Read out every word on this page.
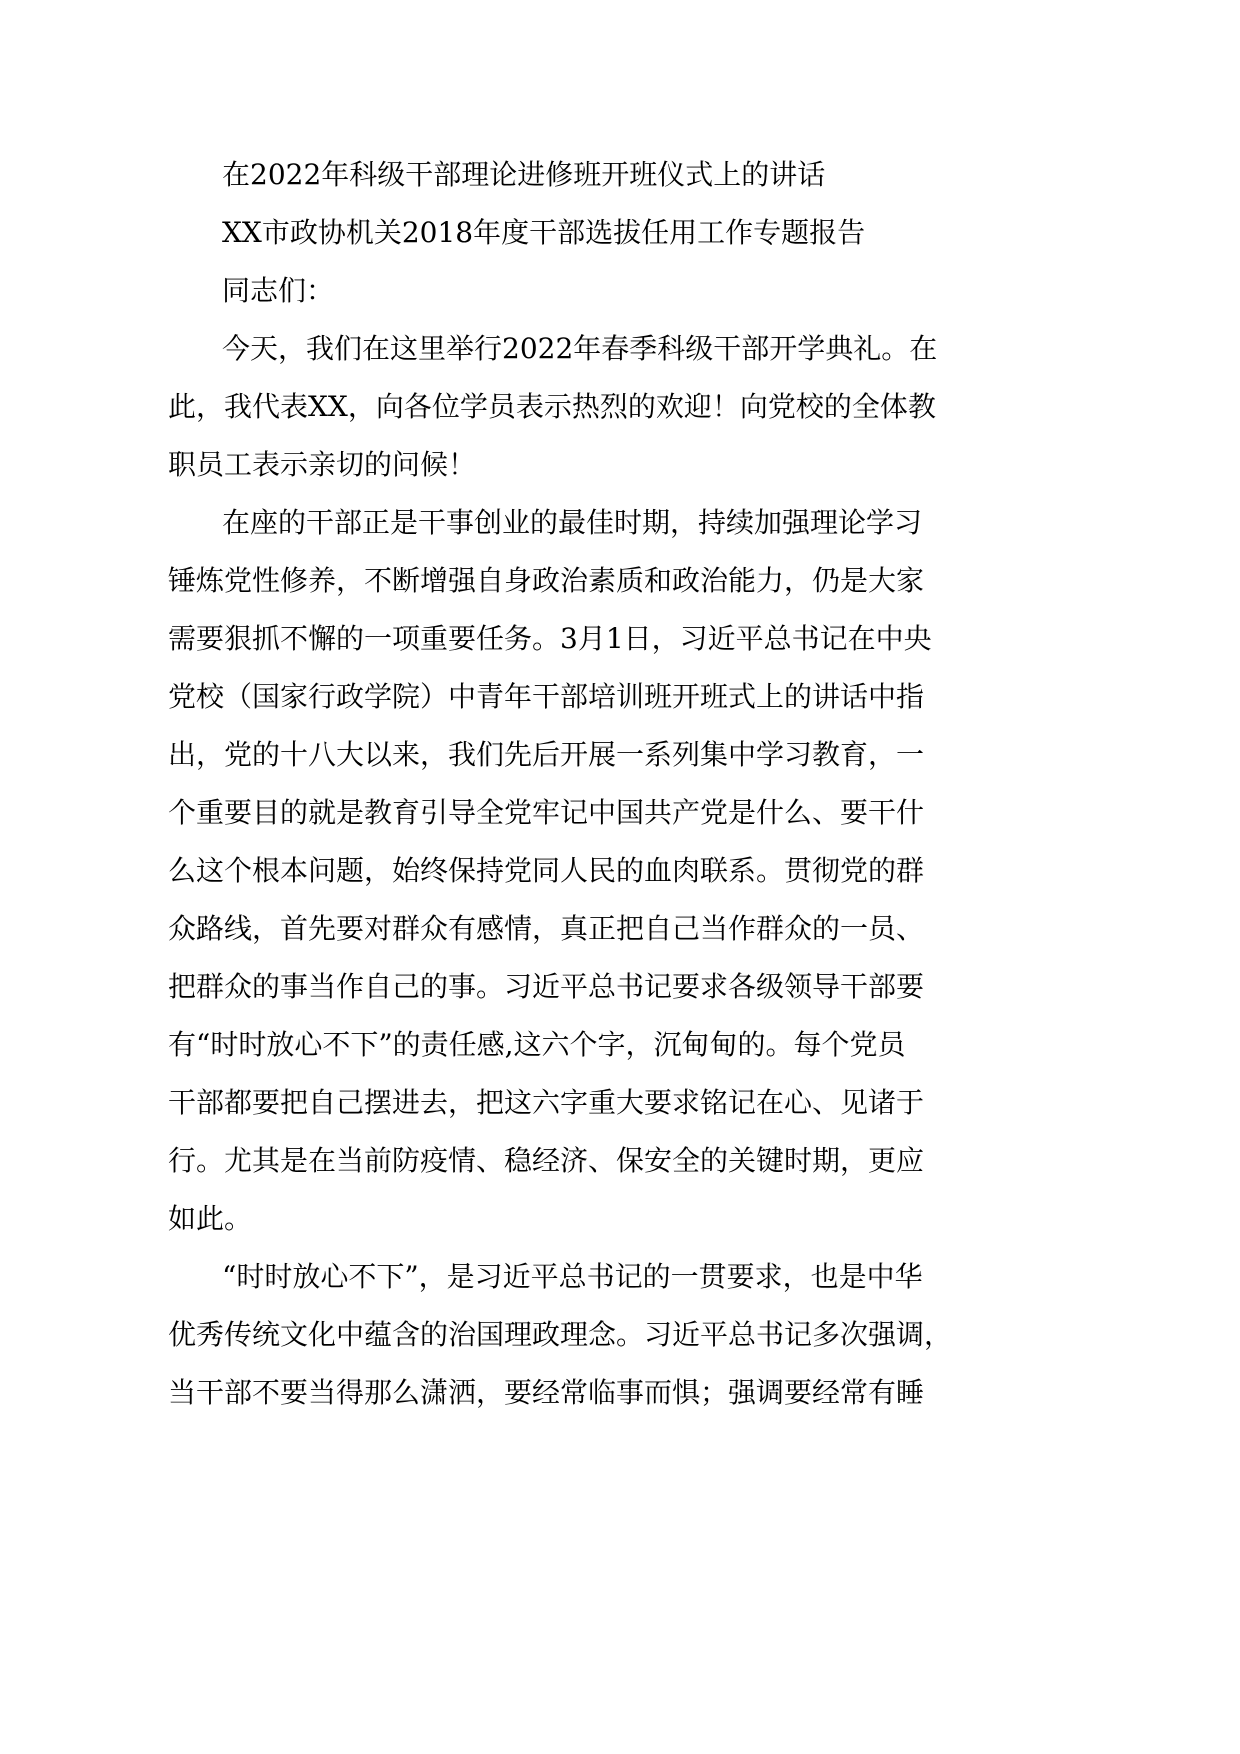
在2022年科级干部理论进修班开班仪式上的讲话
XX市政协机关2018年度干部选拔任用工作专题报告
同志们：
今天，我们在这里举行2022年春季科级干部开学典礼。在
此，我代表XX，向各位学员表示热烈的欢迎！向党校的全体教
职员工表示亲切的问候！
在座的干部正是干事创业的最佳时期，持续加强理论学习
锤炼党性修养，不断增强自身政治素质和政治能力，仍是大家
需要狠抓不懈的一项重要任务。3月1日，习近平总书记在中央
党校（国家行政学院）中青年干部培训班开班式上的讲话中指
出，党的十八大以来，我们先后开展一系列集中学习教育，一
个重要目的就是教育引导全党牢记中国共产党是什么、要干什
么这个根本问题，始终保持党同人民的血肉联系。贯彻党的群
众路线，首先要对群众有感情，真正把自己当作群众的一员、
把群众的事当作自己的事。习近平总书记要求各级领导干部要
有“时时放心不下”的责任感,这六个字，沉甸甸的。每个党员
干部都要把自己摆进去，把这六字重大要求铭记在心、见诸于
行。尤其是在当前防疫情、稳经济、保安全的关键时期，更应
如此。
“时时放心不下”，是习近平总书记的一贯要求，也是中华
优秀传统文化中蕴含的治国理政理念。习近平总书记多次强调，
当干部不要当得那么潇洒，要经常临事而惧；强调要经常有睡
